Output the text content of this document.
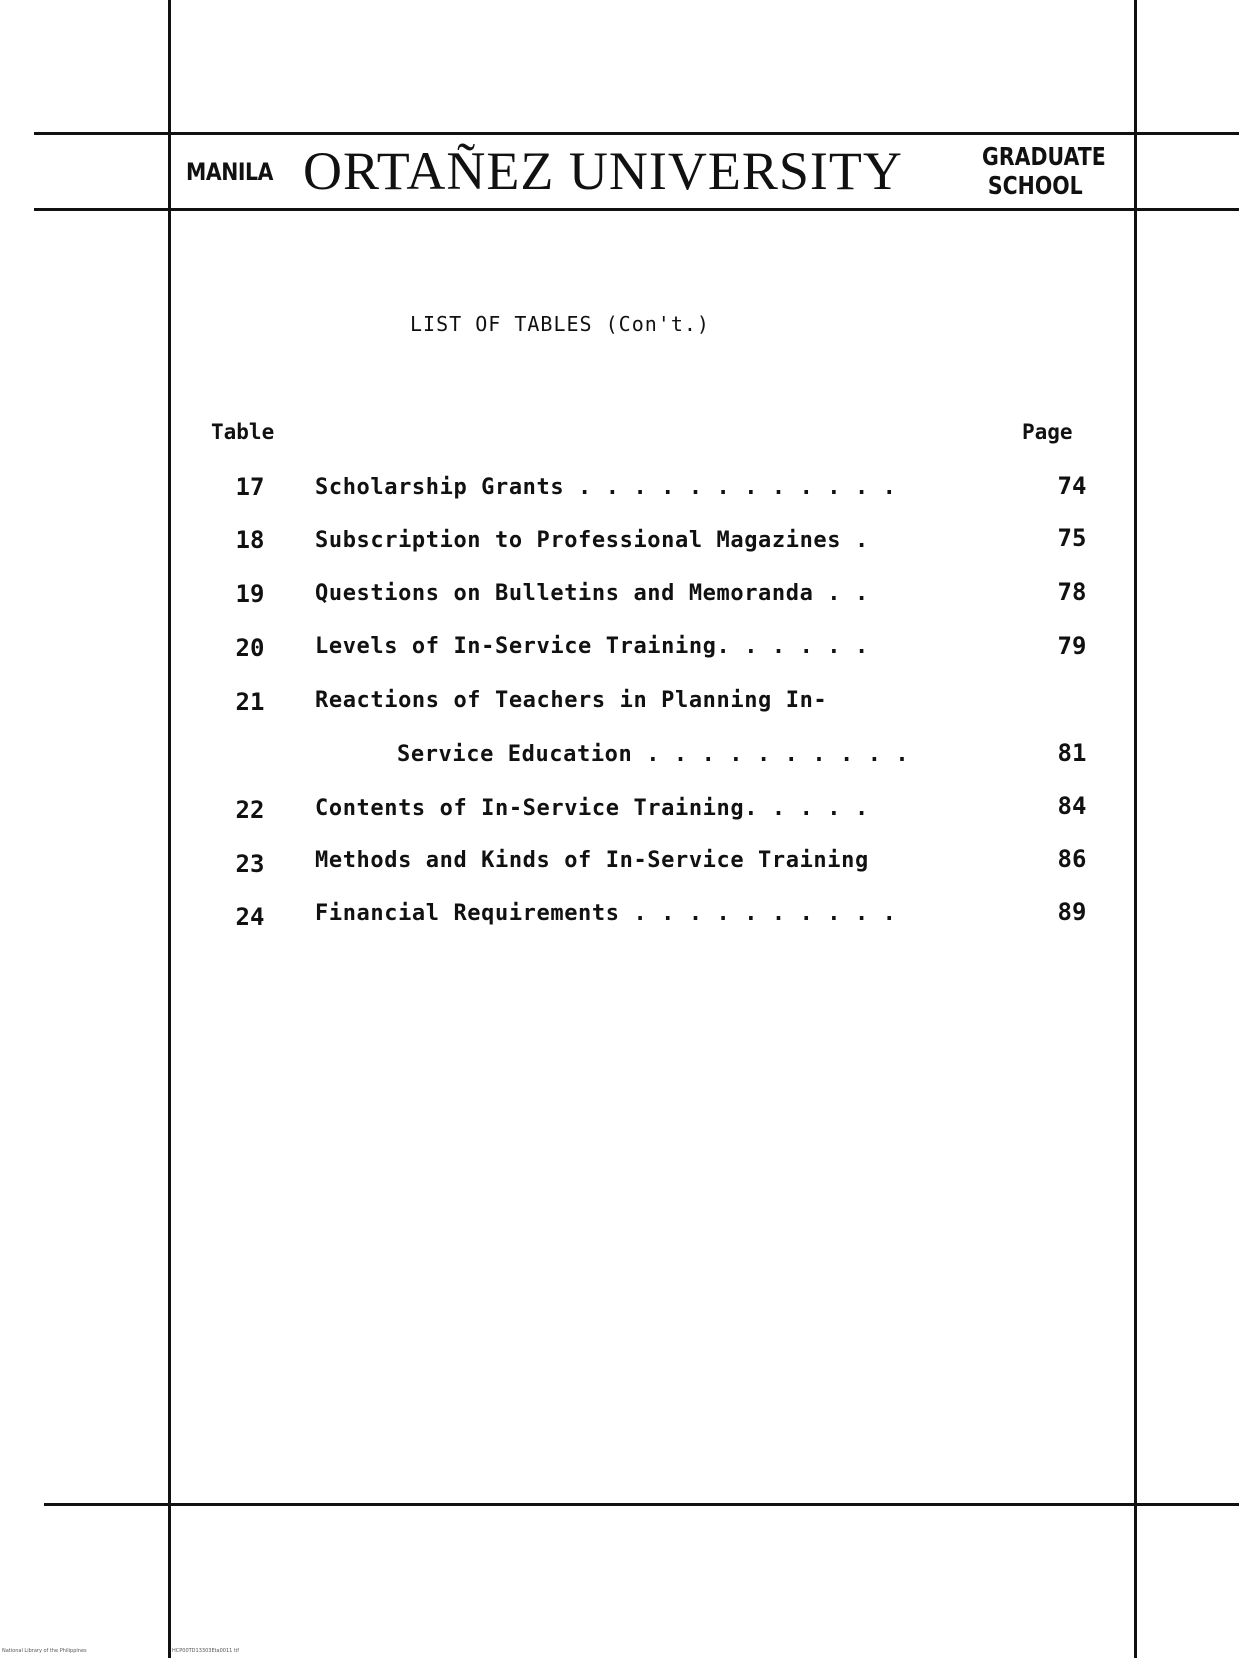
MANILA ORTAÑEZ UNIVERSITY	GRADUATE
SCHOOL
LIST OF TABLES (Con't.)
Table	Page
17	Scholarship Grants . . . . . . . . . . . .	74
18	Subscription to Professional Magazines .	75
19	Questions on Bulletins and Memoranda . .	78
20	Levels of In-Service Training. . . . . .	79
21	Reactions of Teachers in Planning In-
Service Education . . . . . . . . . .	81
22	Contents of In-Service Training. . . . .	84
23	Methods and Kinds of In-Service Training	86
24	Financial Requirements . . . . . . . . . .	89
National Library of the Philippines	HCP00TD13303Eta0011 tif
